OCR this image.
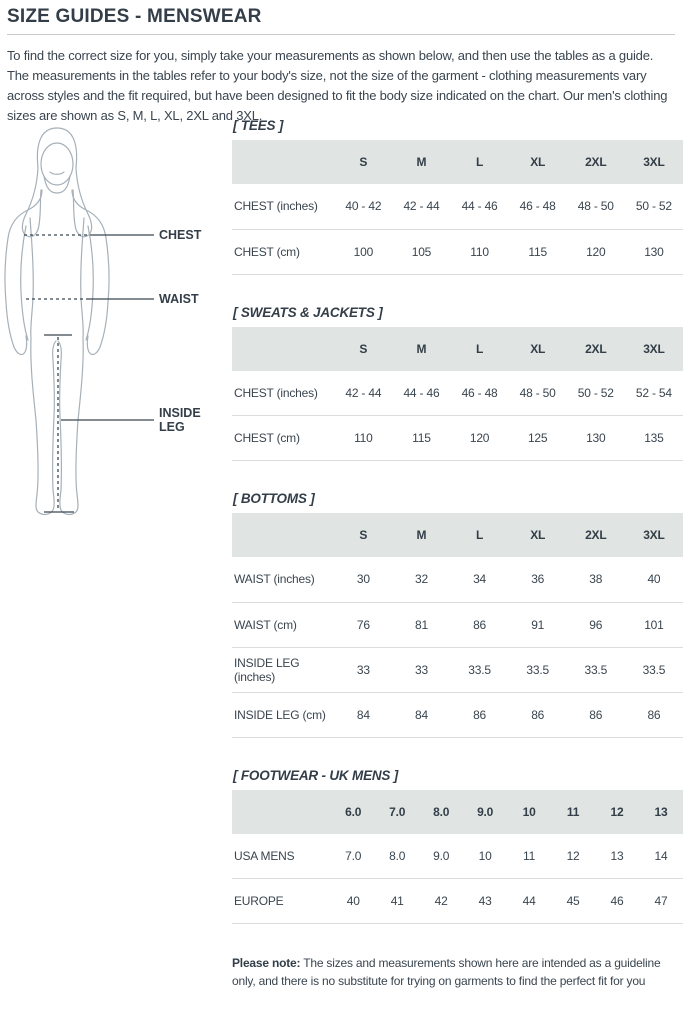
SIZE GUIDES - MENSWEAR

To find the correct size for you, simply take your measurements as shown below, and then use the tables as a guide. The measurements in the tables refer to your body's size, not the size of the garment - clothing measurements vary across styles and the fit required, but have been designed to fit the body size indicated on the chart. Our men's clothing sizes are shown as S, M, L, XL, 2XL and 3XL.

CHEST
WAIST
INSIDE
LEG
[ TEES ]
	S	M	L	XL	2XL	3XL
CHEST (inches)	40 - 42	42 - 44	44 - 46	46 - 48	48 - 50	50 - 52
CHEST (cm)	100	105	110	115	120	130
[ SWEATS & JACKETS ]
	S	M	L	XL	2XL	3XL
CHEST (inches)	42 - 44	44 - 46	46 - 48	48 - 50	50 - 52	52 - 54
CHEST (cm)	110	115	120	125	130	135
[ BOTTOMS ]
	S	M	L	XL	2XL	3XL
WAIST (inches)	30	32	34	36	38	40
WAIST (cm)	76	81	86	91	96	101
INSIDE LEG (inches)	33	33	33.5	33.5	33.5	33.5
INSIDE LEG (cm)	84	84	86	86	86	86
[ FOOTWEAR - UK MENS ]
	6.0	7.0	8.0	9.0	10	11	12	13
USA MENS	7.0	8.0	9.0	10	11	12	13	14
EUROPE	40	41	42	43	44	45	46	47

Please note: The sizes and measurements shown here are intended as a guideline only, and there is no substitute for trying on garments to find the perfect fit for you
